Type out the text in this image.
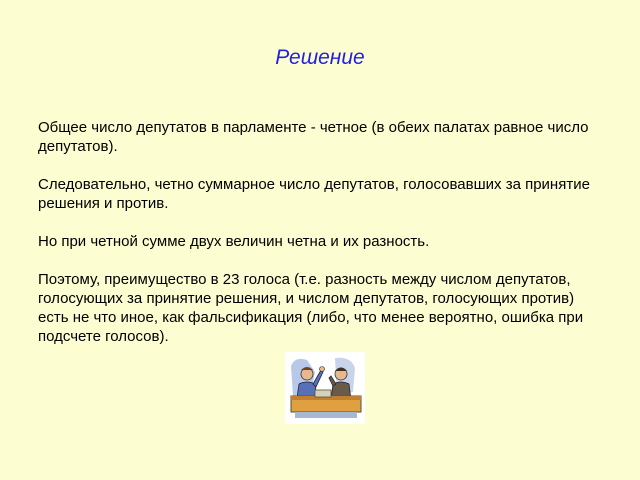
Решение

Общее число депутатов в парламенте - четное (в обеих палатах равное число депутатов).

Следовательно, четно суммарное число депутатов, голосовавших за принятие решения и против.

Но при четной сумме двух величин четна и их разность.

Поэтому, преимущество в 23 голоса (т.е. разность между числом депутатов, голосующих за принятие решения, и числом депутатов, голосующих против) есть не что иное, как фальсификация (либо, что менее вероятно, ошибка при подсчете голосов).
